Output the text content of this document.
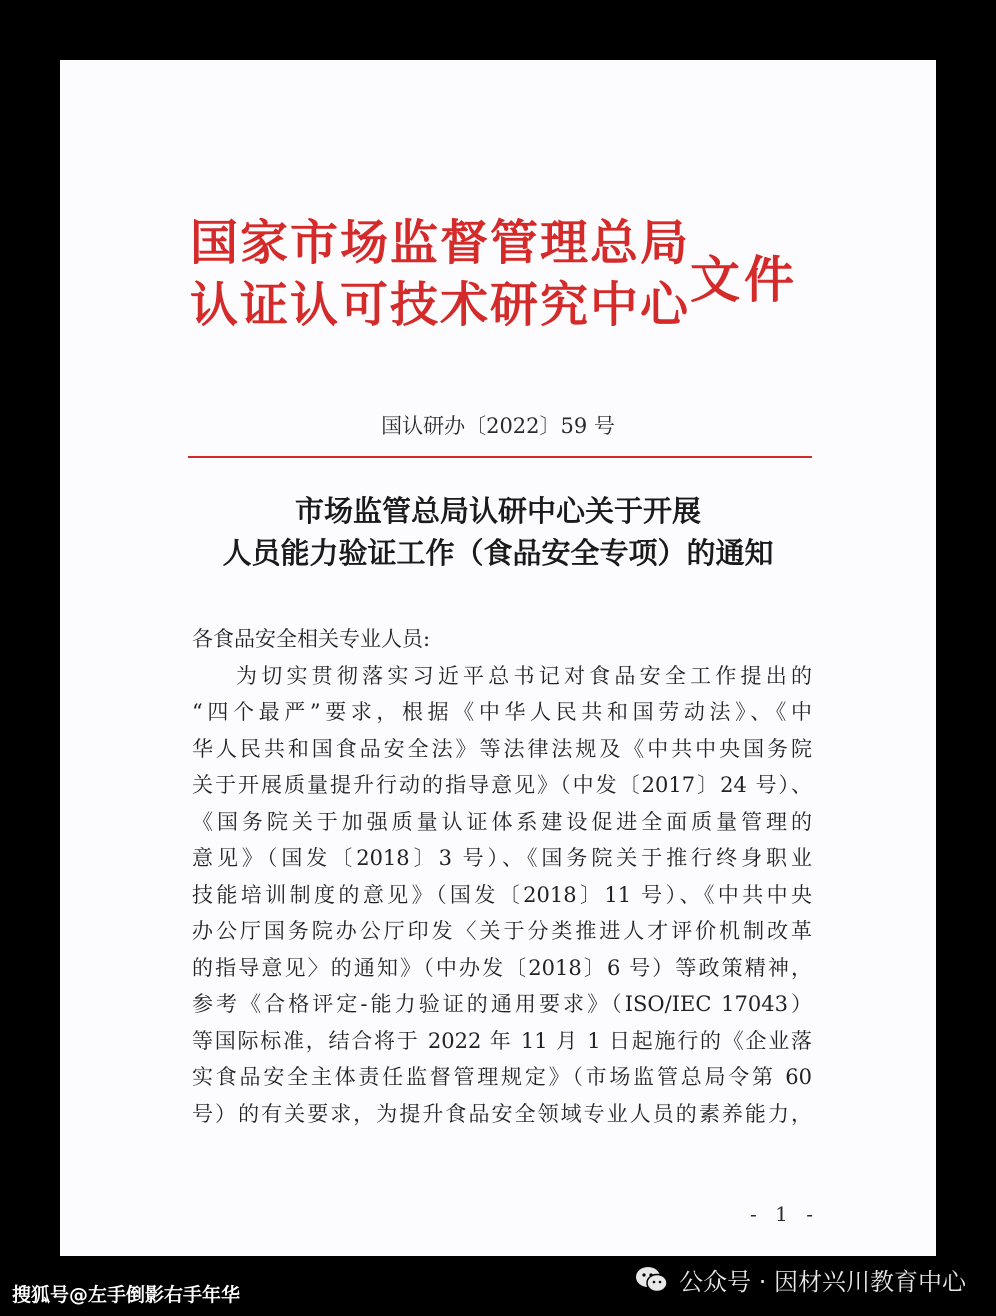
国家市场监督管理总局
认证认可技术研究中心 文件
国认研办〔2022〕59 号
市场监管总局认研中心关于开展
人员能力验证工作（食品安全专项）的通知
各食品安全相关专业人员:
为切实贯彻落实习近平总书记对食品安全工作提出的
“四个最严”要求，根据《中华人民共和国劳动法》、《中
华人民共和国食品安全法》等法律法规及《中共中央国务院
关于开展质量提升行动的指导意见》（中发〔2017〕24 号）、
《国务院关于加强质量认证体系建设促进全面质量管理的
意见》（国发〔2018〕3 号）、《国务院关于推行终身职业
技能培训制度的意见》（国发〔2018〕11 号）、《中共中央
办公厅国务院办公厅印发〈关于分类推进人才评价机制改革
的指导意见〉的通知》（中办发〔2018〕6 号）等政策精神，
参考《合格评定-能力验证的通用要求》（ISO/IEC 17043）
等国际标准，结合将于 2022 年 11 月 1 日起施行的《企业落
实食品安全主体责任监督管理规定》（市场监管总局令第 60
号）的有关要求，为提升食品安全领域专业人员的素养能力，
- 1 -
搜狐号@左手倒影右手年华	公众号 · 因材兴川教育中心
